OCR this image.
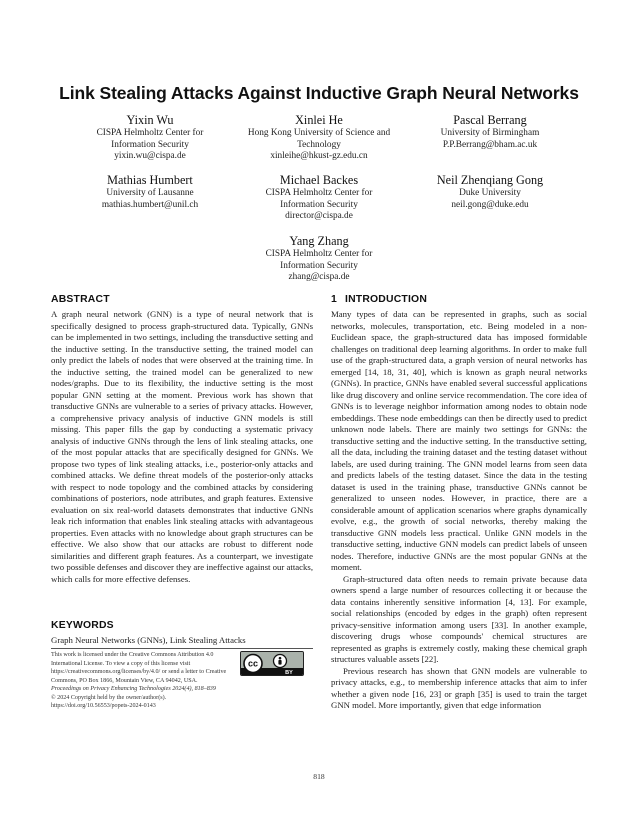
Link Stealing Attacks Against Inductive Graph Neural Networks
Yixin Wu
CISPA Helmholtz Center for
Information Security
yixin.wu@cispa.de
Xinlei He
Hong Kong University of Science and
Technology
xinleihe@hkust-gz.edu.cn
Pascal Berrang
University of Birmingham
P.P.Berrang@bham.ac.uk
Mathias Humbert
University of Lausanne
mathias.humbert@unil.ch
Michael Backes
CISPA Helmholtz Center for
Information Security
director@cispa.de
Neil Zhenqiang Gong
Duke University
neil.gong@duke.edu
Yang Zhang
CISPA Helmholtz Center for
Information Security
zhang@cispa.de
ABSTRACT
A graph neural network (GNN) is a type of neural network that is specifically designed to process graph-structured data. Typically, GNNs can be implemented in two settings, including the transductive setting and the inductive setting. In the transductive setting, the trained model can only predict the labels of nodes that were observed at the training time. In the inductive setting, the trained model can be generalized to new nodes/graphs. Due to its flexibility, the inductive setting is the most popular GNN setting at the moment. Previous work has shown that transductive GNNs are vulnerable to a series of privacy attacks. However, a comprehensive privacy analysis of inductive GNN models is still missing. This paper fills the gap by conducting a systematic privacy analysis of inductive GNNs through the lens of link stealing attacks, one of the most popular attacks that are specifically designed for GNNs. We propose two types of link stealing attacks, i.e., posterior-only attacks and combined attacks. We define threat models of the posterior-only attacks with respect to node topology and the combined attacks by considering combinations of posteriors, node attributes, and graph features. Extensive evaluation on six real-world datasets demonstrates that inductive GNNs leak rich information that enables link stealing attacks with advantageous properties. Even attacks with no knowledge about graph structures can be effective. We also show that our attacks are robust to different node similarities and different graph features. As a counterpart, we investigate two possible defenses and discover they are ineffective against our attacks, which calls for more effective defenses.
KEYWORDS
Graph Neural Networks (GNNs), Link Stealing Attacks
This work is licensed under the Creative Commons Attribution 4.0 International License. To view a copy of this license visit https://creativecommons.org/licenses/by/4.0/ or send a letter to Creative Commons, PO Box 1866, Mountain View, CA 94042, USA.

Proceedings on Privacy Enhancing Technologies 2024(4), 818–839

© 2024 Copyright held by the owner/author(s).

https://doi.org/10.56553/popets-2024-0143

cc
BY
1 INTRODUCTION

Many types of data can be represented in graphs, such as social networks, molecules, transportation, etc. Being modeled in a non-Euclidean space, the graph-structured data has imposed formidable challenges on traditional deep learning algorithms. In order to make full use of the graph-structured data, a graph version of neural networks has emerged [14, 18, 31, 40], which is known as graph neural networks (GNNs). In practice, GNNs have enabled several successful applications like drug discovery and online service recommendation. The core idea of GNNs is to leverage neighbor information among nodes to obtain node embeddings. These node embeddings can then be directly used to predict unknown node labels. There are mainly two settings for GNNs: the transductive setting and the inductive setting. In the transductive setting, all the data, including the training dataset and the testing dataset without labels, are used during training. The GNN model learns from seen data and predicts labels of the testing dataset. Since the data in the testing dataset is used in the training phase, transductive GNNs cannot be generalized to unseen nodes. However, in practice, there are a considerable amount of application scenarios where graphs dynamically evolve, e.g., the growth of social networks, thereby making the transductive GNN models less practical. Unlike GNN models in the transductive setting, inductive GNN models can predict labels of unseen nodes. Therefore, inductive GNNs are the most popular GNNs at the moment.

Graph-structured data often needs to remain private because data owners spend a large number of resources collecting it or because the data contains inherently sensitive information [4, 13]. For example, social relationships (encoded by edges in the graph) often represent privacy-sensitive information among users [33]. In another example, discovering drugs whose compounds' chemical structures are represented as graphs is extremely costly, making these chemical graph structures valuable assets [22].

Previous research has shown that GNN models are vulnerable to privacy attacks, e.g., to membership inference attacks that aim to infer whether a given node [16, 23] or graph [35] is used to train the target GNN model. More importantly, given that edge information

818
